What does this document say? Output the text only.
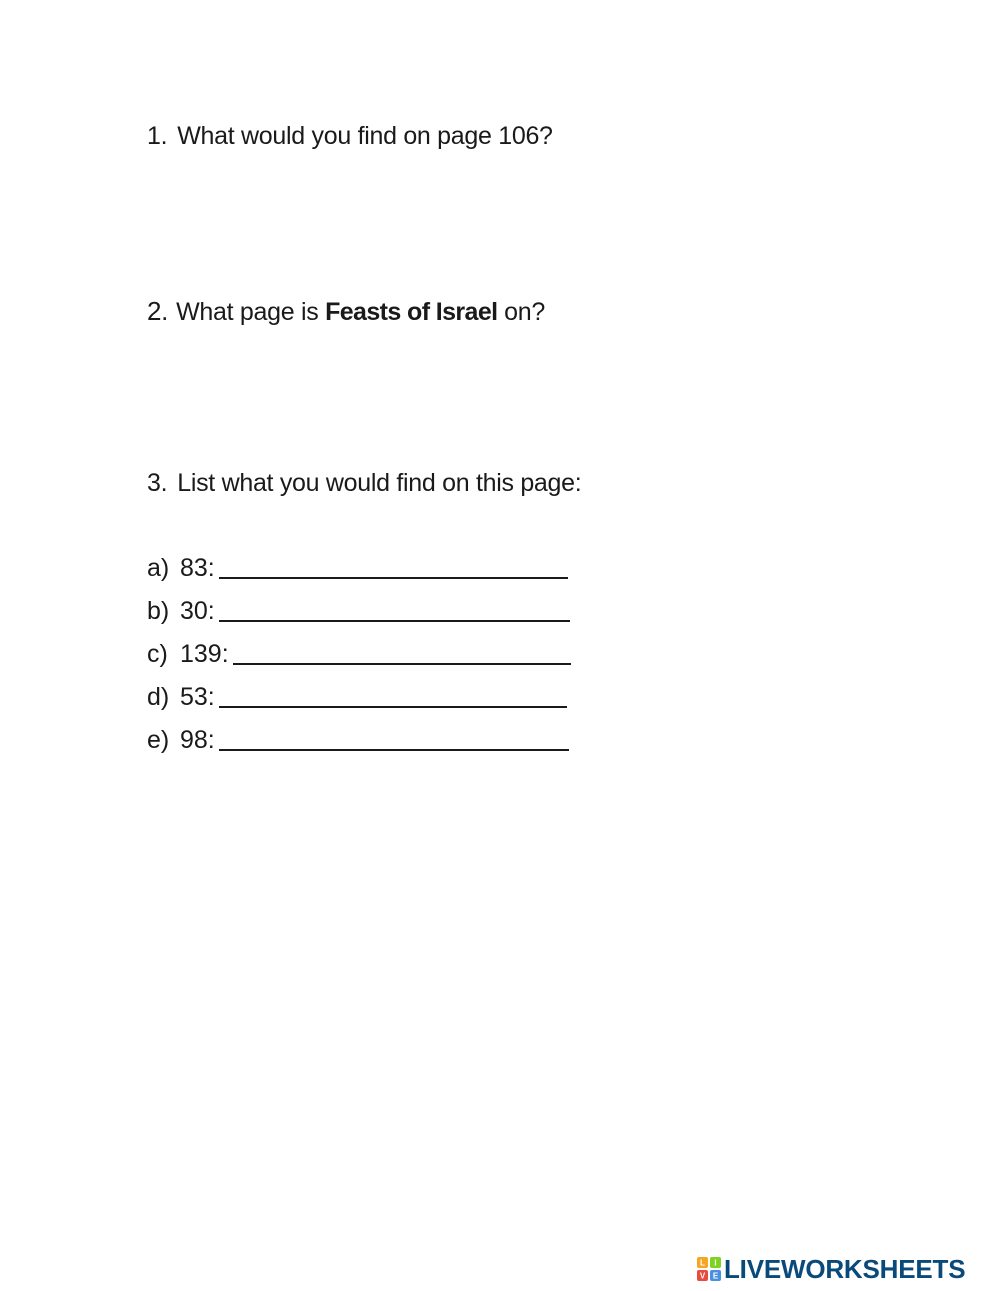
1. What would you find on page 106?
2. What page is Feasts of Israel on?
3. List what you would find on this page:
a) 83:
b) 30:
c) 139:
d) 53:
e) 98:
L I
V E LIVEWORKSHEETS
